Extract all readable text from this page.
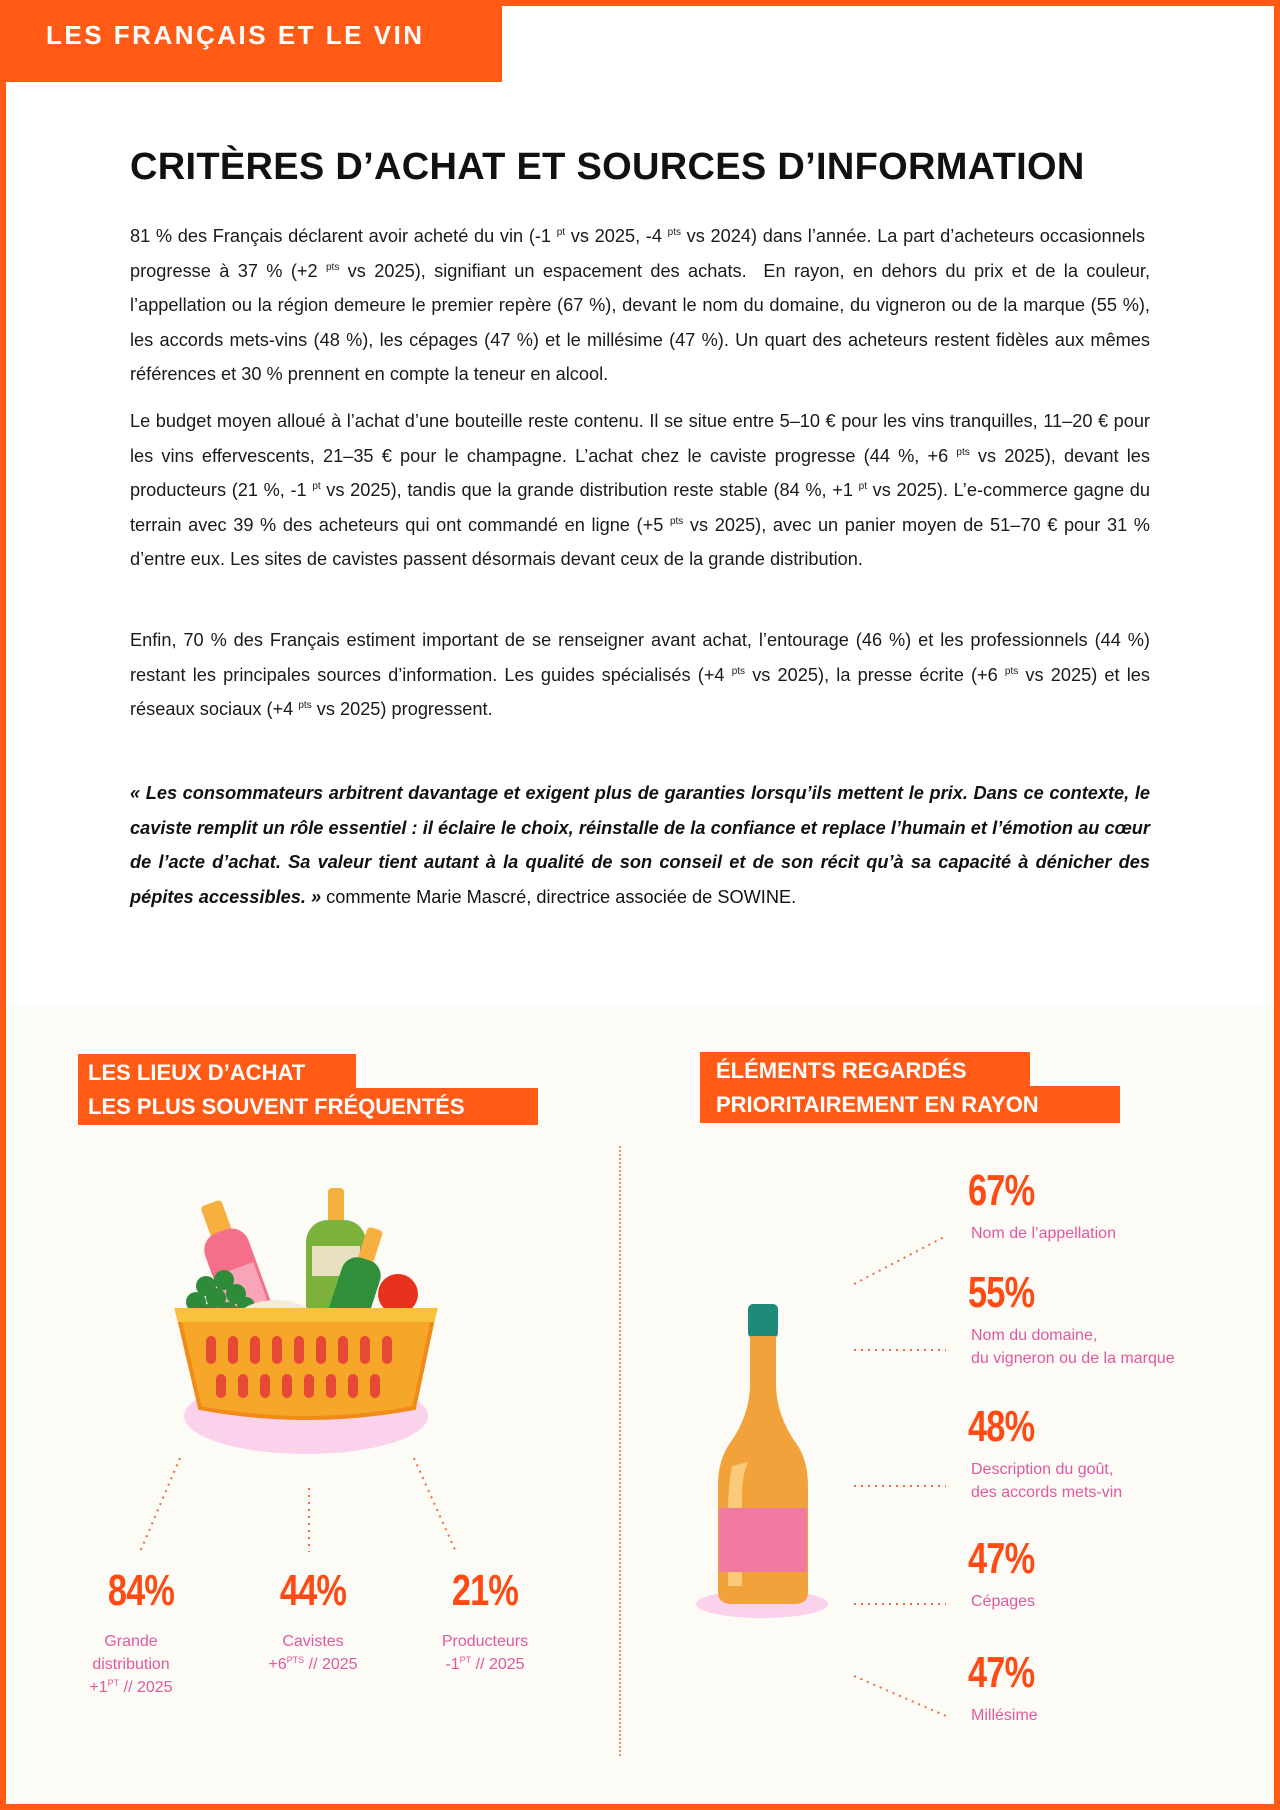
LES FRANÇAIS ET LE VIN
CRITÈRES D’ACHAT ET SOURCES D’INFORMATION

81 % des Français déclarent avoir acheté du vin (-1 $^{pt}$ vs 2025, -4 $^{pts}$ vs 2024) dans l’année. La part d’acheteurs occasionnels  progresse à 37 % (+2 $^{pts}$ vs 2025), signifiant un espacement des achats.  En rayon, en dehors du prix et de la couleur, l’appellation ou la région demeure le premier repère (67 %), devant le nom du domaine, du vigneron ou de la marque (55 %), les accords mets-vins (48 %), les cépages (47 %) et le millésime (47 %). Un quart des acheteurs restent fidèles aux mêmes références et 30 % prennent en compte la teneur en alcool.

Le budget moyen alloué à l’achat d’une bouteille reste contenu. Il se situe entre 5–10 € pour les vins tranquilles, 11–20 € pour les vins effervescents, 21–35 € pour le champagne. L’achat chez le caviste progresse (44 %, +6 $^{pts}$ vs 2025), devant les producteurs (21 %, -1 $^{pt}$ vs 2025), tandis que la grande distribution reste stable (84 %, +1 $^{pt}$ vs 2025). L’e-commerce gagne du terrain avec 39 % des acheteurs qui ont commandé en ligne (+5 $^{pts}$ vs 2025), avec un panier moyen de 51–70 € pour 31 % d’entre eux. Les sites de cavistes passent désormais devant ceux de la grande distribution.

Enfin, 70 % des Français estiment important de se renseigner avant achat, l’entourage (46 %) et les professionnels (44 %) restant les principales sources d’information. Les guides spécialisés (+4 $^{pts}$ vs 2025), la presse écrite (+6 $^{pts}$ vs 2025) et les réseaux sociaux (+4 $^{pts}$ vs 2025) progressent.

« Les consommateurs arbitrent davantage et exigent plus de garanties lorsqu’ils mettent le prix. Dans ce contexte, le caviste remplit un rôle essentiel : il éclaire le choix, réinstalle de la confiance et replace l’humain et l’émotion au cœur de l’acte d’achat. Sa valeur tient autant à la qualité de son conseil et de son récit qu’à sa capacité à dénicher des pépites accessibles. » commente Marie Mascré, directrice associée de SOWINE.

LES LIEUX D’ACHAT
LES PLUS SOUVENT FRÉQUENTÉS
ÉLÉMENTS REGARDÉS
PRIORITAIREMENT EN RAYON
84%
Grande
distribution
$+1^{PT} // 2025$
44%
Cavistes
$+6^{PTS} // 2025$
21%
Producteurs
$-1^{PT} // 2025$
67%
Nom de l’appellation
55%
Nom du domaine,
du vigneron ou de la marque
48%
Description du goût,
des accords mets-vin
47%
Cépages
47%
Millésime
